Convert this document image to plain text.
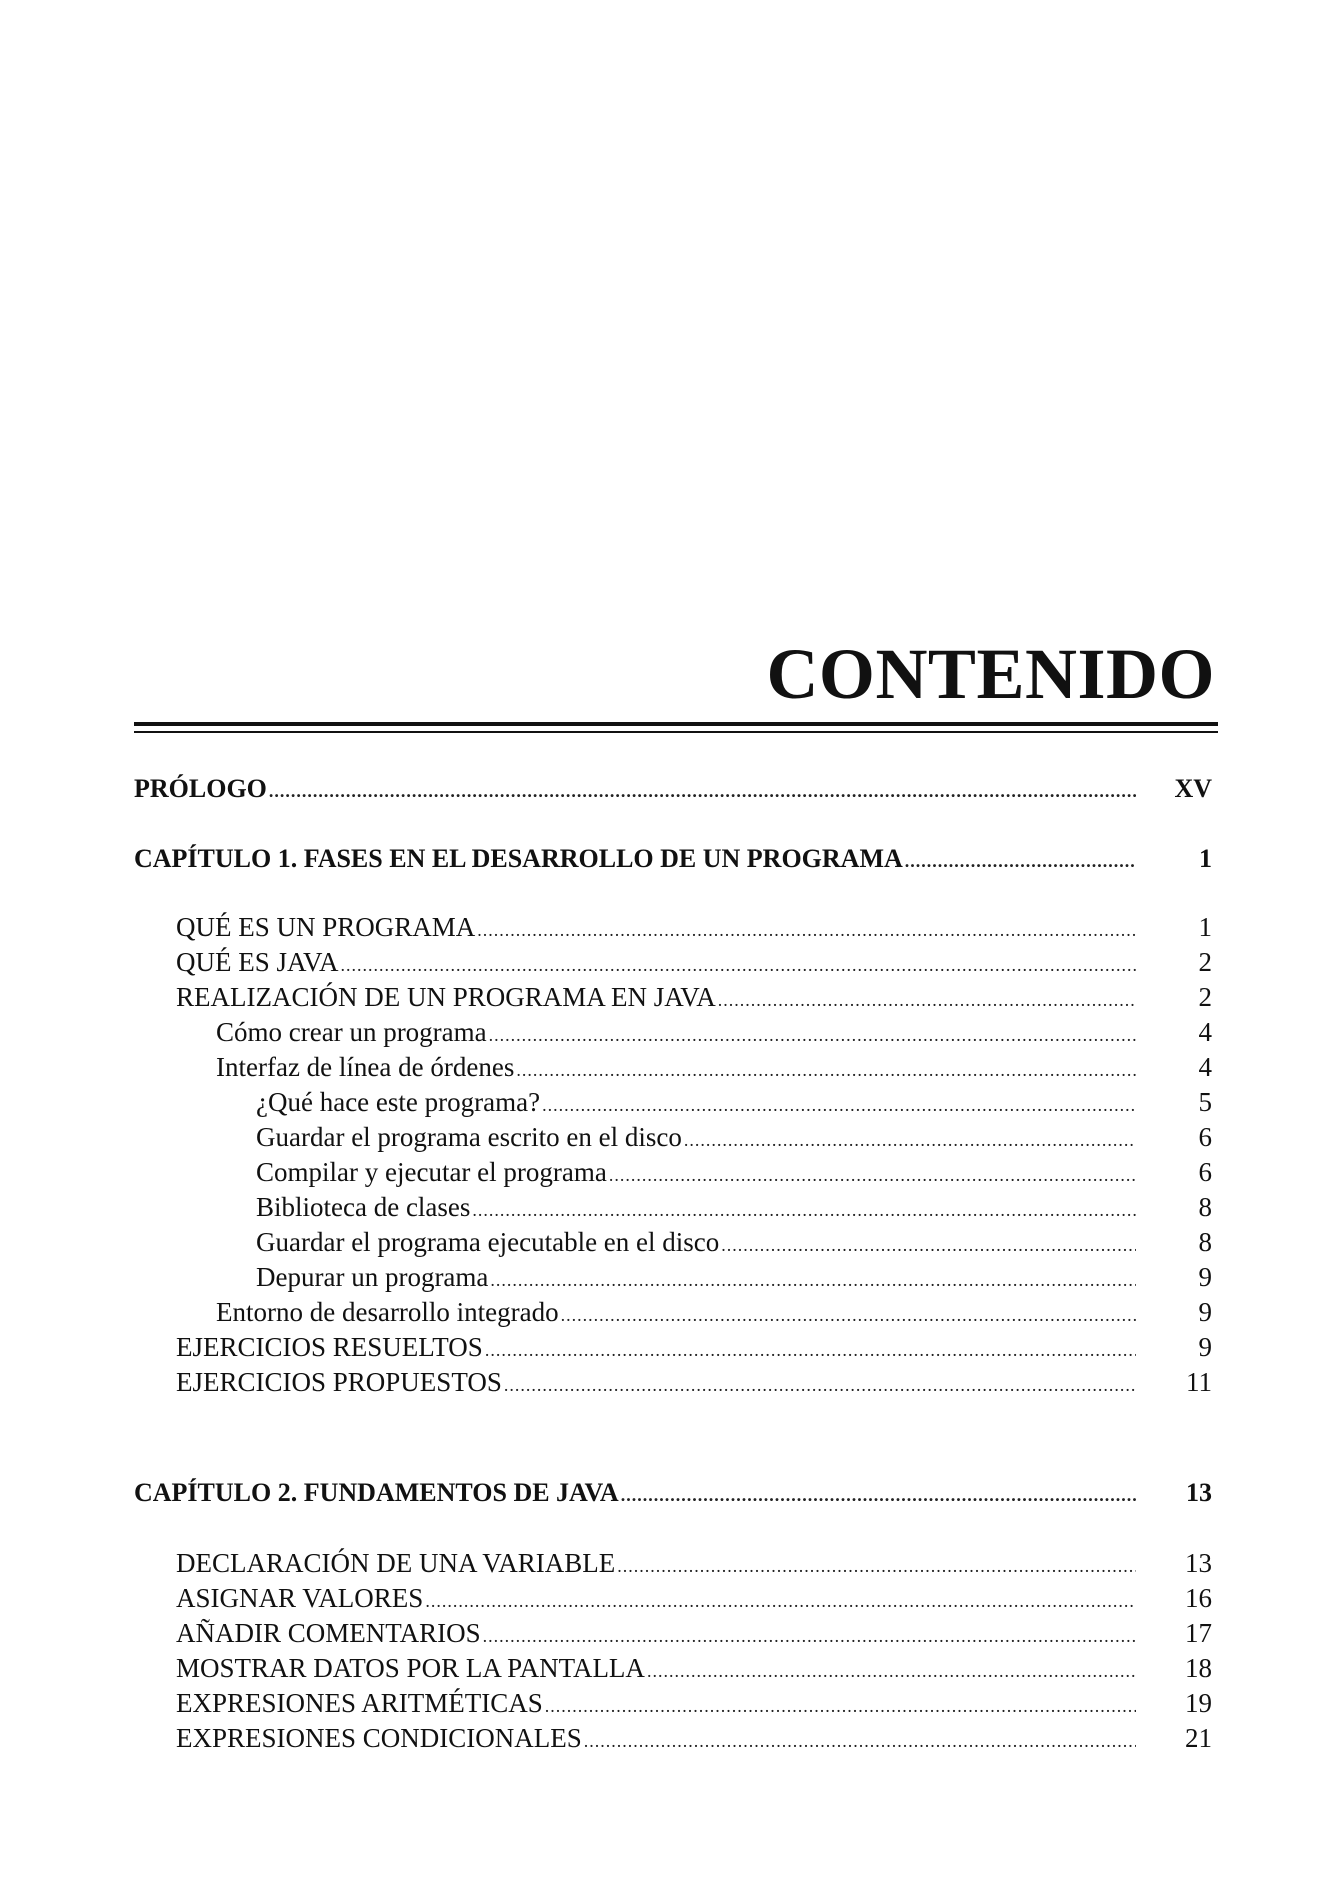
CONTENIDO
PRÓLOGO .....	XV
CAPÍTULO 1. FASES EN EL DESARROLLO DE UN PROGRAMA .....	1
QUÉ ES UN PROGRAMA .....	1
QUÉ ES JAVA .....	2
REALIZACIÓN DE UN PROGRAMA EN JAVA .....	2
Cómo crear un programa .....	4
Interfaz de línea de órdenes .....	4
¿Qué hace este programa? .....	5
Guardar el programa escrito en el disco .....	6
Compilar y ejecutar el programa .....	6
Biblioteca de clases .....	8
Guardar el programa ejecutable en el disco .....	8
Depurar un programa .....	9
Entorno de desarrollo integrado .....	9
EJERCICIOS RESUELTOS .....	9
EJERCICIOS PROPUESTOS .....	11
CAPÍTULO 2. FUNDAMENTOS DE JAVA .....	13
DECLARACIÓN DE UNA VARIABLE .....	13
ASIGNAR VALORES .....	16
AÑADIR COMENTARIOS .....	17
MOSTRAR DATOS POR LA PANTALLA .....	18
EXPRESIONES ARITMÉTICAS .....	19
EXPRESIONES CONDICIONALES .....	21
